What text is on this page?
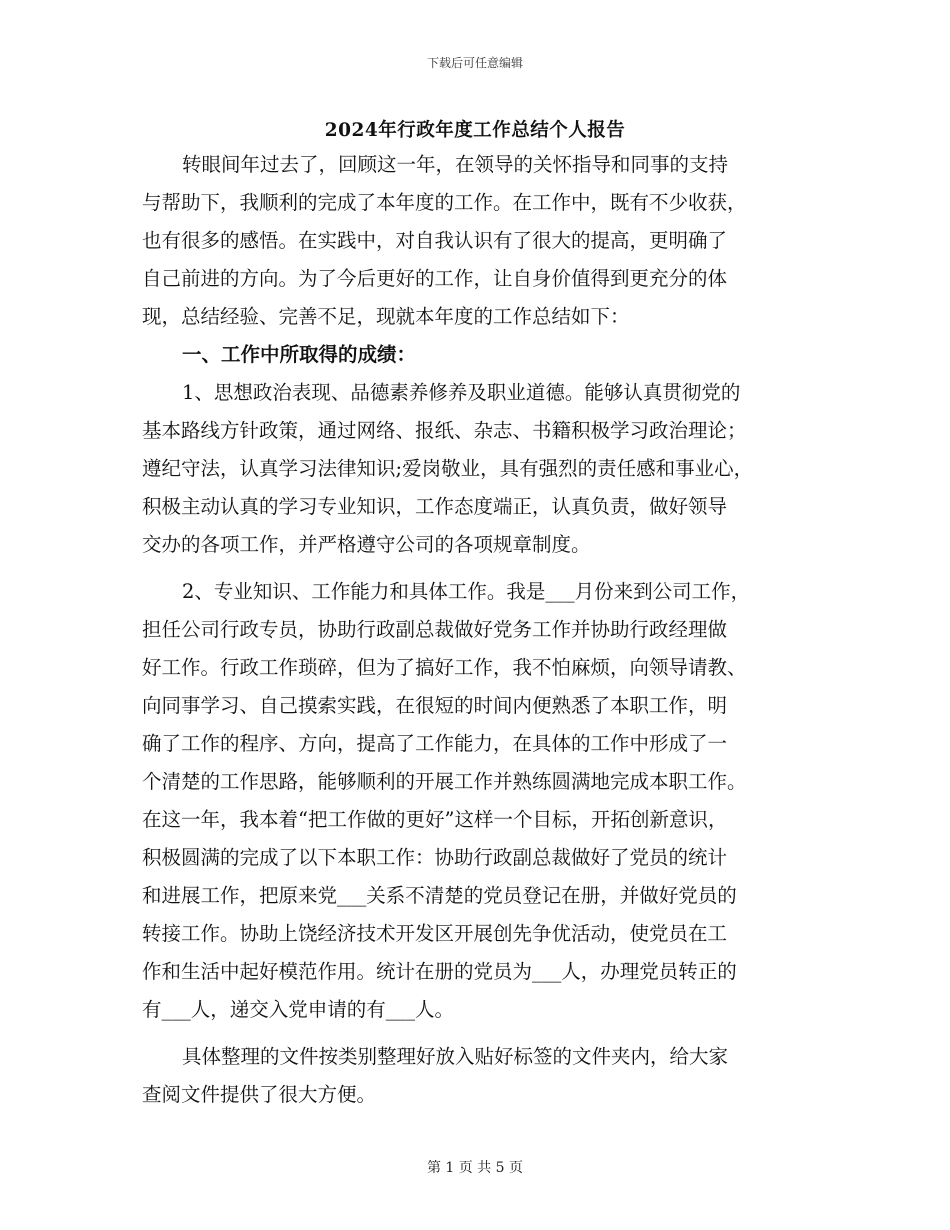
下载后可任意编辑
2024年行政年度工作总结个人报告
转眼间年过去了，回顾这一年，在领导的关怀指导和同事的支持
与帮助下，我顺利的完成了本年度的工作。在工作中，既有不少收获，
也有很多的感悟。在实践中，对自我认识有了很大的提高，更明确了
自己前进的方向。为了今后更好的工作，让自身价值得到更充分的体
现，总结经验、完善不足，现就本年度的工作总结如下：
一、工作中所取得的成绩：
1、思想政治表现、品德素养修养及职业道德。能够认真贯彻党的
基本路线方针政策，通过网络、报纸、杂志、书籍积极学习政治理论；
遵纪守法，认真学习法律知识;爱岗敬业，具有强烈的责任感和事业心，
积极主动认真的学习专业知识，工作态度端正，认真负责，做好领导
交办的各项工作，并严格遵守公司的各项规章制度。
2、专业知识、工作能力和具体工作。我是___月份来到公司工作，
担任公司行政专员，协助行政副总裁做好党务工作并协助行政经理做
好工作。行政工作琐碎，但为了搞好工作，我不怕麻烦，向领导请教、
向同事学习、自己摸索实践，在很短的时间内便熟悉了本职工作，明
确了工作的程序、方向，提高了工作能力，在具体的工作中形成了一
个清楚的工作思路，能够顺利的开展工作并熟练圆满地完成本职工作。
在这一年，我本着“把工作做的更好”这样一个目标，开拓创新意识，
积极圆满的完成了以下本职工作：协助行政副总裁做好了党员的统计
和进展工作，把原来党___关系不清楚的党员登记在册，并做好党员的
转接工作。协助上饶经济技术开发区开展创先争优活动，使党员在工
作和生活中起好模范作用。统计在册的党员为___人，办理党员转正的
有___人，递交入党申请的有___人。
具体整理的文件按类别整理好放入贴好标签的文件夹内，给大家
查阅文件提供了很大方便。
第 1 页 共 5 页
